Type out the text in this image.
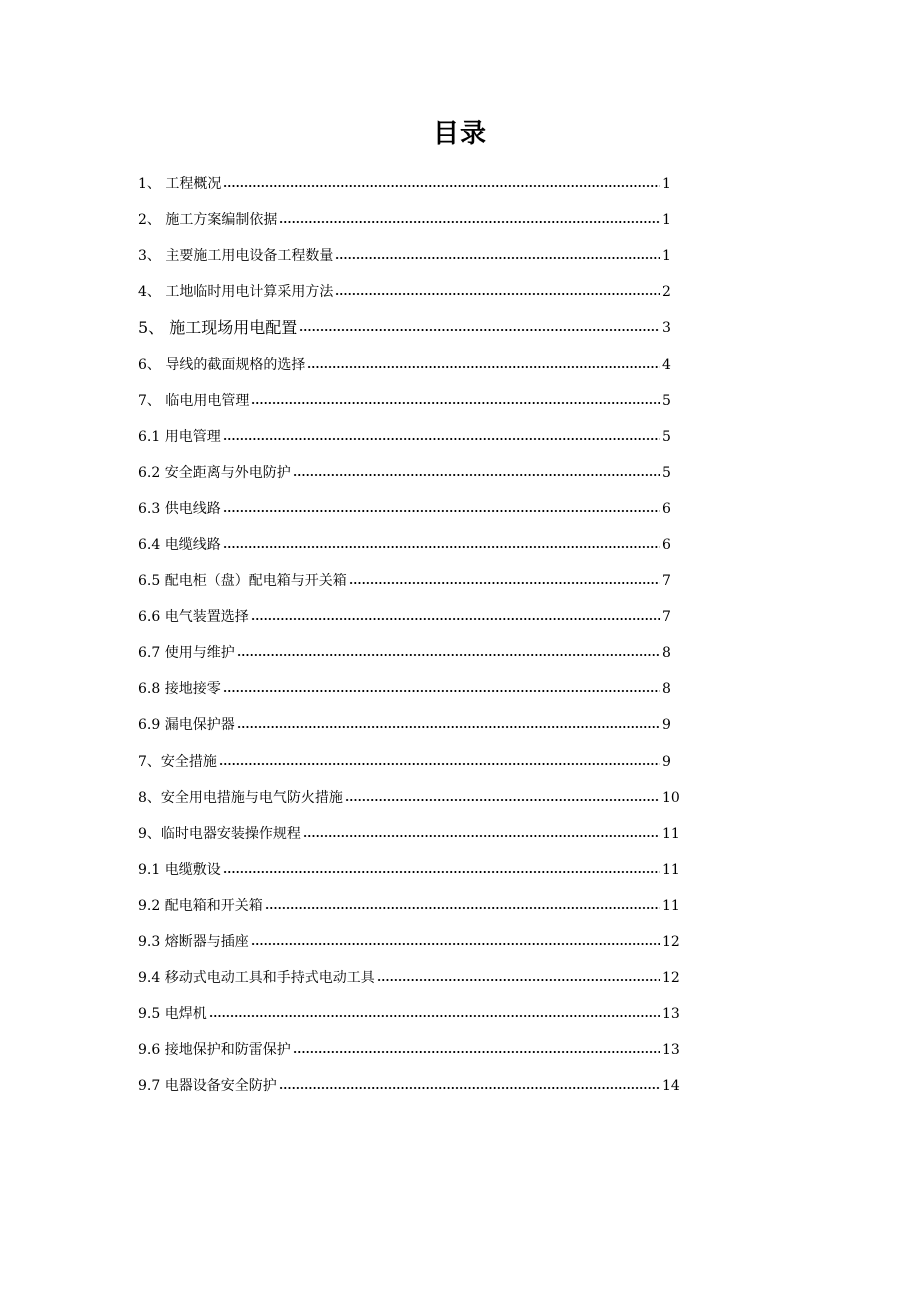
目录
1、 工程概况	1
2、 施工方案编制依据	1
3、 主要施工用电设备工程数量	1
4、 工地临时用电计算采用方法	2
5、 施工现场用电配置	3
6、 导线的截面规格的选择	4
7、 临电用电管理	5
6.1 用电管理	5
6.2 安全距离与外电防护	5
6.3 供电线路	6
6.4 电缆线路	6
6.5 配电柜（盘）配电箱与开关箱	7
6.6 电气装置选择	7
6.7 使用与维护	8
6.8 接地接零	8
6.9 漏电保护器	9
7、安全措施	9
8、安全用电措施与电气防火措施	10
9、临时电器安装操作规程	11
9.1 电缆敷设	11
9.2 配电箱和开关箱	11
9.3 熔断器与插座	12
9.4 移动式电动工具和手持式电动工具	12
9.5 电焊机	13
9.6 接地保护和防雷保护	13
9.7 电器设备安全防护	14
